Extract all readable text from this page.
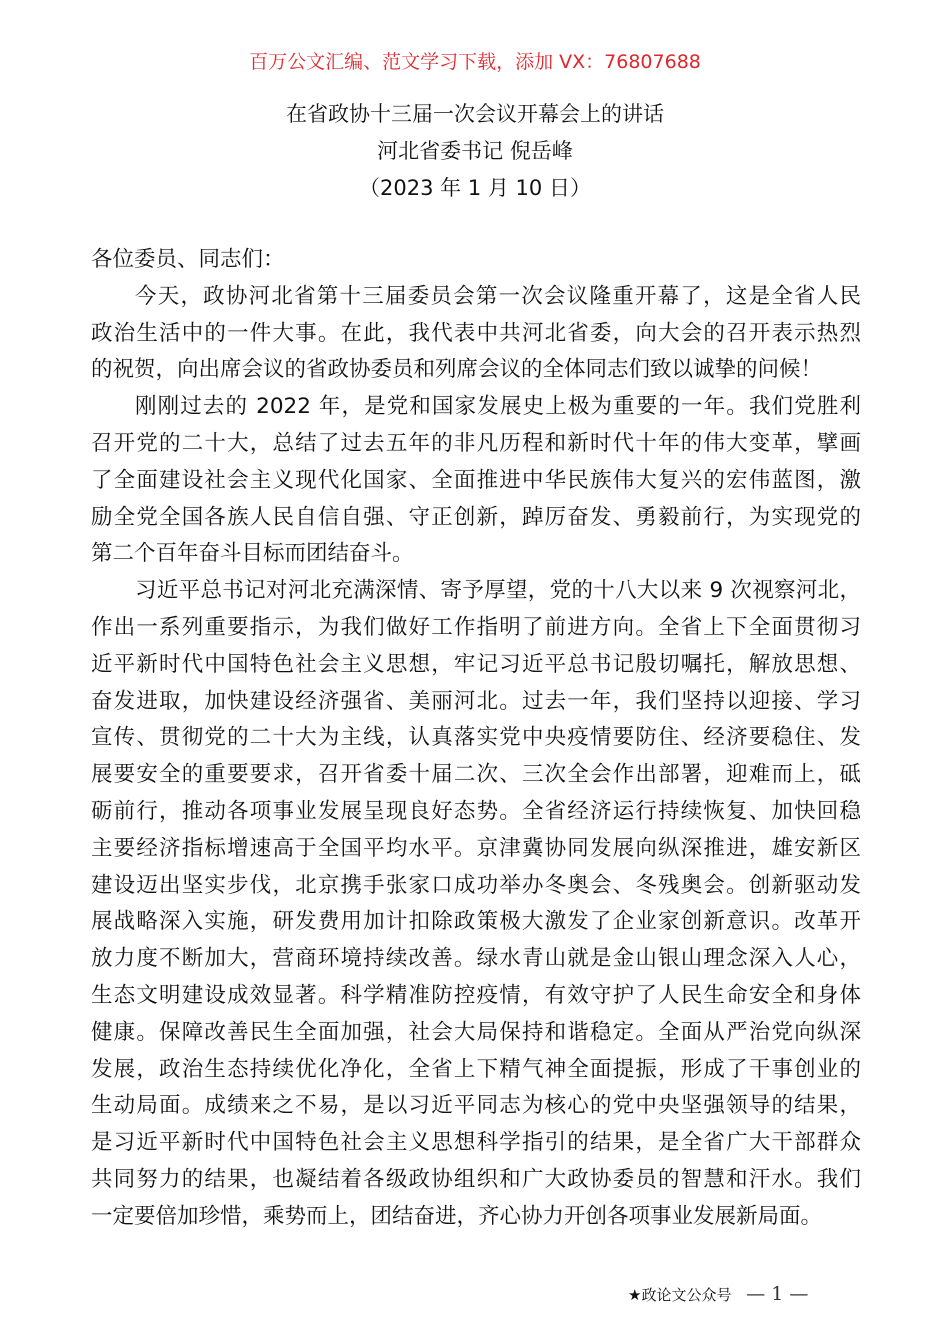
百万公文汇编、范文学习下载，添加 VX：76807688
在省政协十三届一次会议开幕会上的讲话
河北省委书记 倪岳峰
（2023 年 1 月 10 日）
各位委员、同志们：
今天，政协河北省第十三届委员会第一次会议隆重开幕了，这是全省人民
政治生活中的一件大事。在此，我代表中共河北省委，向大会的召开表示热烈
的祝贺，向出席会议的省政协委员和列席会议的全体同志们致以诚挚的问候！
刚刚过去的 2022 年，是党和国家发展史上极为重要的一年。我们党胜利
召开党的二十大，总结了过去五年的非凡历程和新时代十年的伟大变革，擘画
了全面建设社会主义现代化国家、全面推进中华民族伟大复兴的宏伟蓝图，激
励全党全国各族人民自信自强、守正创新，踔厉奋发、勇毅前行，为实现党的
第二个百年奋斗目标而团结奋斗。
习近平总书记对河北充满深情、寄予厚望，党的十八大以来 9 次视察河北，
作出一系列重要指示，为我们做好工作指明了前进方向。全省上下全面贯彻习
近平新时代中国特色社会主义思想，牢记习近平总书记殷切嘱托，解放思想、
奋发进取，加快建设经济强省、美丽河北。过去一年，我们坚持以迎接、学习
宣传、贯彻党的二十大为主线，认真落实党中央疫情要防住、经济要稳住、发
展要安全的重要要求，召开省委十届二次、三次全会作出部署，迎难而上，砥
砺前行，推动各项事业发展呈现良好态势。全省经济运行持续恢复、加快回稳
主要经济指标增速高于全国平均水平。京津冀协同发展向纵深推进，雄安新区
建设迈出坚实步伐，北京携手张家口成功举办冬奥会、冬残奥会。创新驱动发
展战略深入实施，研发费用加计扣除政策极大激发了企业家创新意识。改革开
放力度不断加大，营商环境持续改善。绿水青山就是金山银山理念深入人心，
生态文明建设成效显著。科学精准防控疫情，有效守护了人民生命安全和身体
健康。保障改善民生全面加强，社会大局保持和谐稳定。全面从严治党向纵深
发展，政治生态持续优化净化，全省上下精气神全面提振，形成了干事创业的
生动局面。成绩来之不易，是以习近平同志为核心的党中央坚强领导的结果，
是习近平新时代中国特色社会主义思想科学指引的结果，是全省广大干部群众
共同努力的结果，也凝结着各级政协组织和广大政协委员的智慧和汗水。我们
一定要倍加珍惜，乘势而上，团结奋进，齐心协力开创各项事业发展新局面。
★政论文公众号 — 1 —
